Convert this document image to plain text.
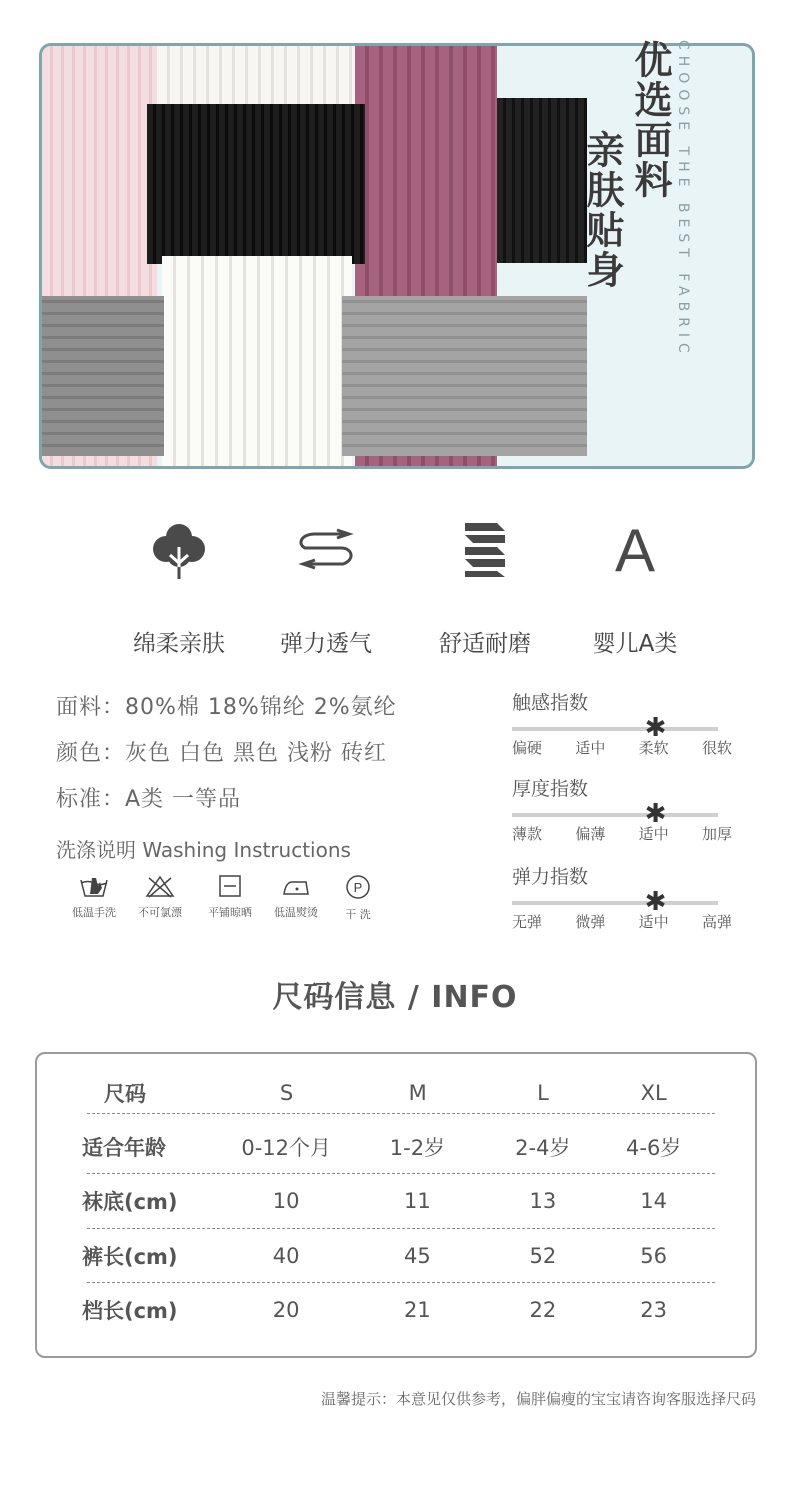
优选面料
亲肤贴身	CHOOSE THE BEST FABRIC
绵柔亲肤	弹力透气	舒适耐磨
A
婴儿A类
面料：80%棉 18%锦纶 2%氨纶
颜色：灰色 白色 黑色 浅粉 砖红
标准：A类 一等品
洗涤说明 Washing Instructions
低温手洗	不可氯漂	平铺晾晒	低温熨烫
P
干 洗
触感指数
✱
偏硬 适中 柔软 很软
厚度指数
✱
薄款 偏薄 适中 加厚
弹力指数
✱
无弹 微弹 适中 高弹
尺码信息 / INFO
尺码	S	M	L	XL
适合年龄	0-12个月	1-2岁	2-4岁	4-6岁
袜底(cm)	10	11	13	14
裤长(cm)	40	45	52	56
档长(cm)	20	21	22	23
温馨提示：本意见仅供参考，偏胖偏瘦的宝宝请咨询客服选择尺码
